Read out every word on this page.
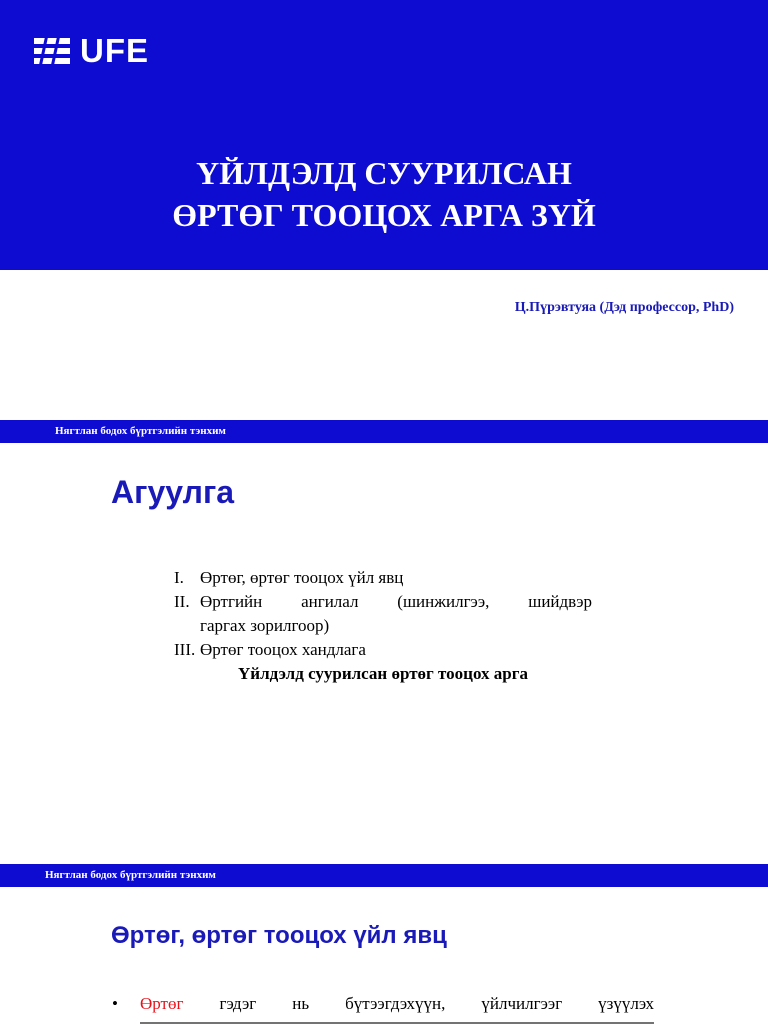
UFE
ҮЙЛДЭЛД СУУРИЛСАН
ӨРТӨГ ТООЦОХ АРГА ЗҮЙ
Ц.Пүрэвтуяа (Дэд профессор, PhD)
Нягтлан бодох бүртгэлийн тэнхим
Агуулга
I. Өртөг, өртөг тооцох үйл явц
II. Өртгийн ангилал (шинжилгээ, шийдвэр
гаргах зорилгоор)
III. Өртөг тооцох хандлага
Үйлдэлд суурилсан өртөг тооцох арга
Нягтлан бодох бүртгэлийн тэнхим
Өртөг, өртөг тооцох үйл явц
•	Өртөг гэдэг нь бүтээгдэхүүн, үйлчилгээг үзүүлэх
